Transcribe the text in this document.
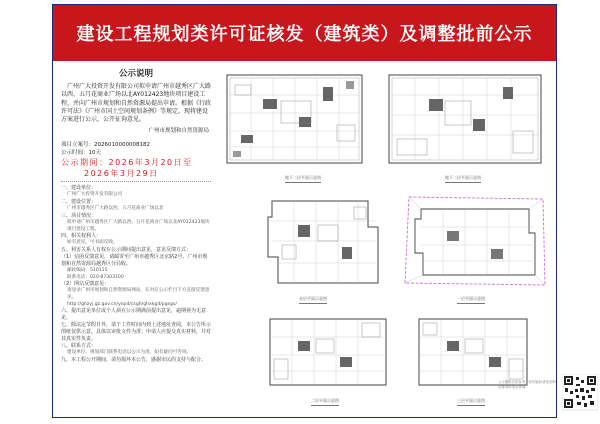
建设工程规划类许可证核发（建筑类）及调整批前公示
公示说明
广州广大投资开发有限公司拟申请广州市越秀区广大路以西、五月花商业广场以北AY012423地块项目建设工程，并向广州市规划和自然资源局提出申请。根据《行政许可法》《广州市国土空间规划条例》等规定，现将建设方案进行公示，公开征询意见。
广州市规划和自然资源局
项目立案号：2026010000008182
公示时间：10天
公示期间：2026年3月20日至
2026年3月29日
一、建设单位：
广州广大投资开发有限公司
二、建设位置：
广州市越秀区广大路以西、五月花商业广场以北
三、项目情况：
拟申请广州市越秀区广大路以西、五月花商业广场以北AY012423地块项目建设工程。
四、相关权利人：
如有意见，可书面反映。
五、利害关系人有权在公示期间提出意见，意见反馈方式：
（1）信函反馈意见，请邮寄至广州市越秀区北京路2号，广州市规划和自然资源局越秀区分局收。
邮政编码：510115
联系电话：020-87303100
（2）网站反馈意见：
请登录广州市规划和自然资源局网站，在对应公示栏目下方直接反馈意见。
http://ghzyj.gz.gov.cn/yxpd/csgh/ghxkgd/pgsgs/
六、提出意见单位或个人须在公示期满前提出意见，逾期视为无意见。
七、除法定节假日外，请于工作时间内到上述地址查阅，本公告所示图纸仅供示意，具体以审批文件为准；申请人应提交真实材料，并对其真实性负责。
八、联系方式：
建设单位、规划部门联系电话以公示为准，如有疑问可咨询。
九、本工程公开期间，请勿损坏本公告，感谢市民的支持与配合。
地下二层平面示意图	地下二层平面示意图
首层平面示意图	一层平面示意图
二层平面示意图	三层平面示意图
公示图纸仅供参考，如有疑问请登录网站查询或电话咨询。
